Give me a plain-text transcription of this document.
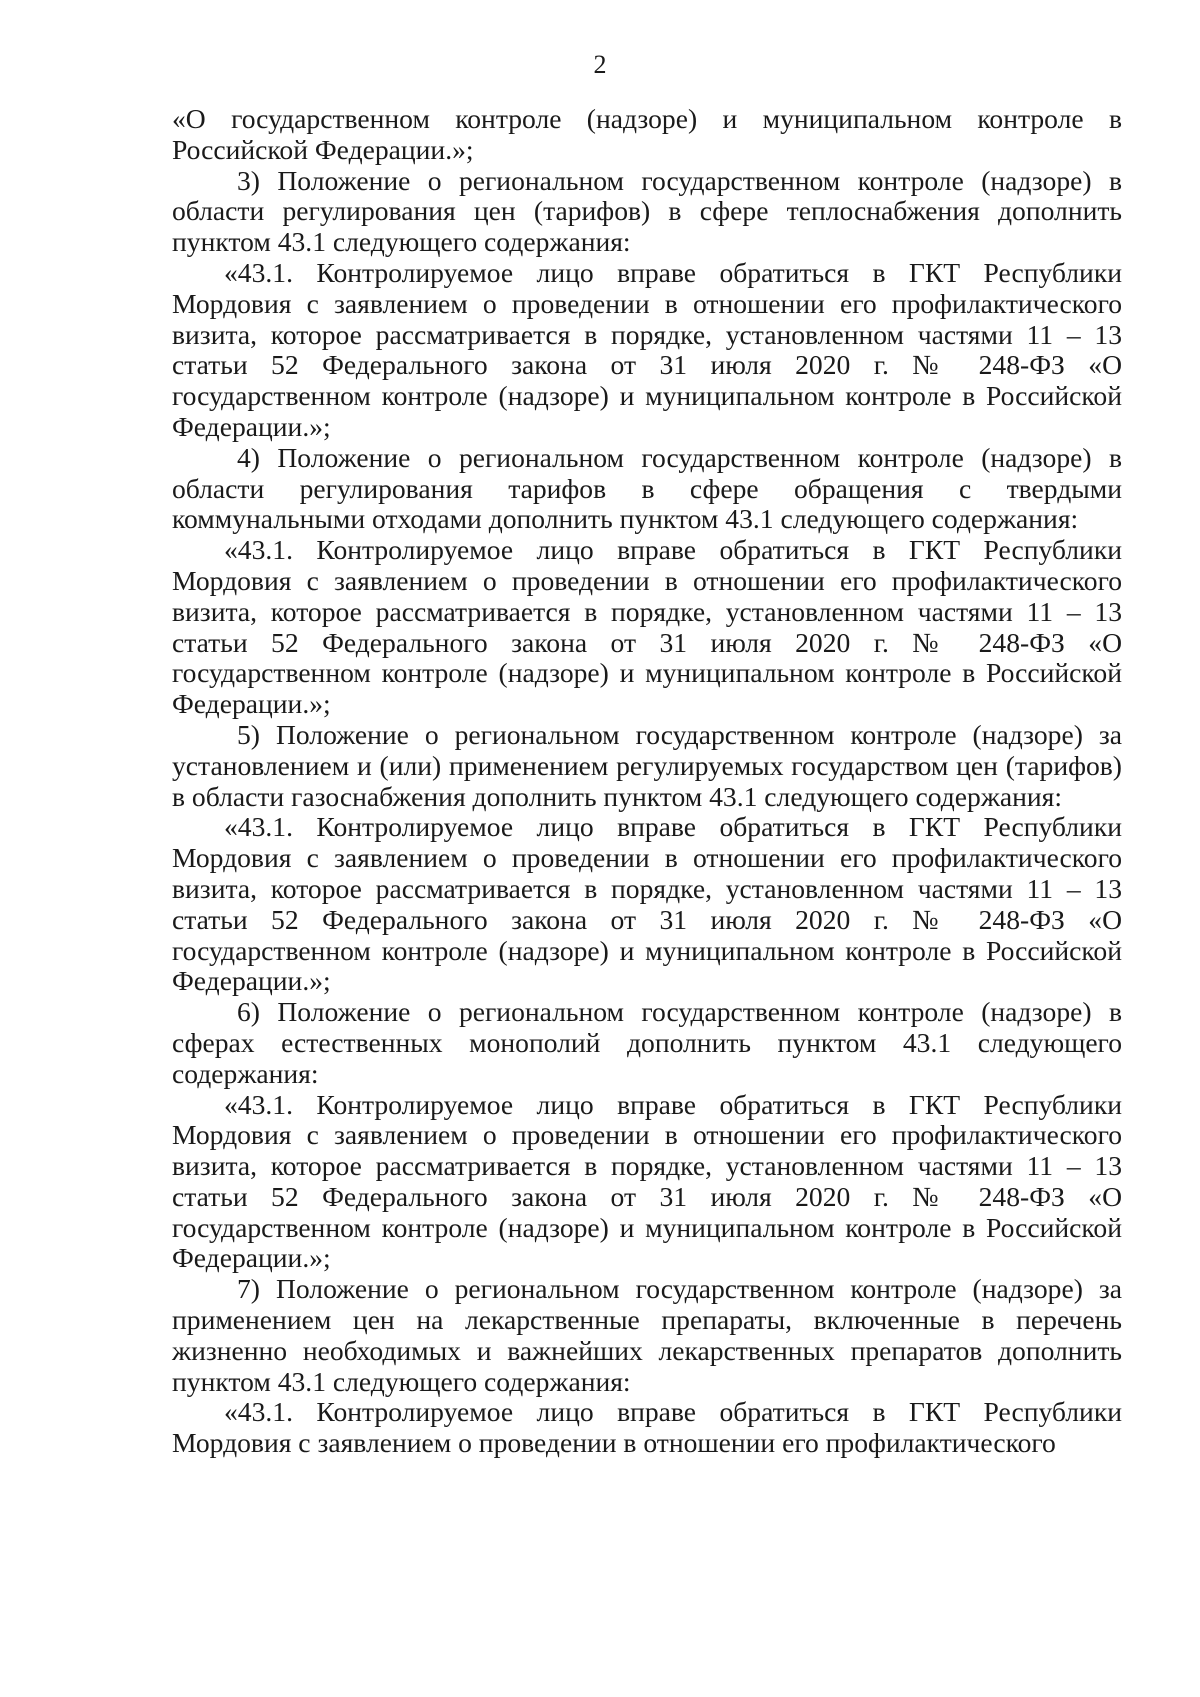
2

«О государственном контроле (надзоре) и муниципальном контроле в Российской Федерации.»;

3) Положение о региональном государственном контроле (надзоре) в области регулирования цен (тарифов) в сфере теплоснабжения дополнить пунктом 43.1 следующего содержания:

«43.1. Контролируемое лицо вправе обратиться в ГКТ Республики Мордовия с заявлением о проведении в отношении его профилактического визита, которое рассматривается в порядке, установленном частями 11 – 13 статьи 52 Федерального закона от 31 июля 2020 г. № 248-ФЗ «О государственном контроле (надзоре) и муниципальном контроле в Российской Федерации.»;

4) Положение о региональном государственном контроле (надзоре) в области регулирования тарифов в сфере обращения с твердыми коммунальными отходами дополнить пунктом 43.1 следующего содержания:

«43.1. Контролируемое лицо вправе обратиться в ГКТ Республики Мордовия с заявлением о проведении в отношении его профилактического визита, которое рассматривается в порядке, установленном частями 11 – 13 статьи 52 Федерального закона от 31 июля 2020 г. № 248-ФЗ «О государственном контроле (надзоре) и муниципальном контроле в Российской Федерации.»;

5) Положение о региональном государственном контроле (надзоре) за установлением и (или) применением регулируемых государством цен (тарифов) в области газоснабжения дополнить пунктом 43.1 следующего содержания:

«43.1. Контролируемое лицо вправе обратиться в ГКТ Республики Мордовия с заявлением о проведении в отношении его профилактического визита, которое рассматривается в порядке, установленном частями 11 – 13 статьи 52 Федерального закона от 31 июля 2020 г. № 248-ФЗ «О государственном контроле (надзоре) и муниципальном контроле в Российской Федерации.»;

6) Положение о региональном государственном контроле (надзоре) в сферах естественных монополий дополнить пунктом 43.1 следующего содержания:

«43.1. Контролируемое лицо вправе обратиться в ГКТ Республики Мордовия с заявлением о проведении в отношении его профилактического визита, которое рассматривается в порядке, установленном частями 11 – 13 статьи 52 Федерального закона от 31 июля 2020 г. № 248-ФЗ «О государственном контроле (надзоре) и муниципальном контроле в Российской Федерации.»;

7) Положение о региональном государственном контроле (надзоре) за применением цен на лекарственные препараты, включенные в перечень жизненно необходимых и важнейших лекарственных препаратов дополнить пунктом 43.1 следующего содержания:

«43.1. Контролируемое лицо вправе обратиться в ГКТ Республики Мордовия с заявлением о проведении в отношении его профилактического
